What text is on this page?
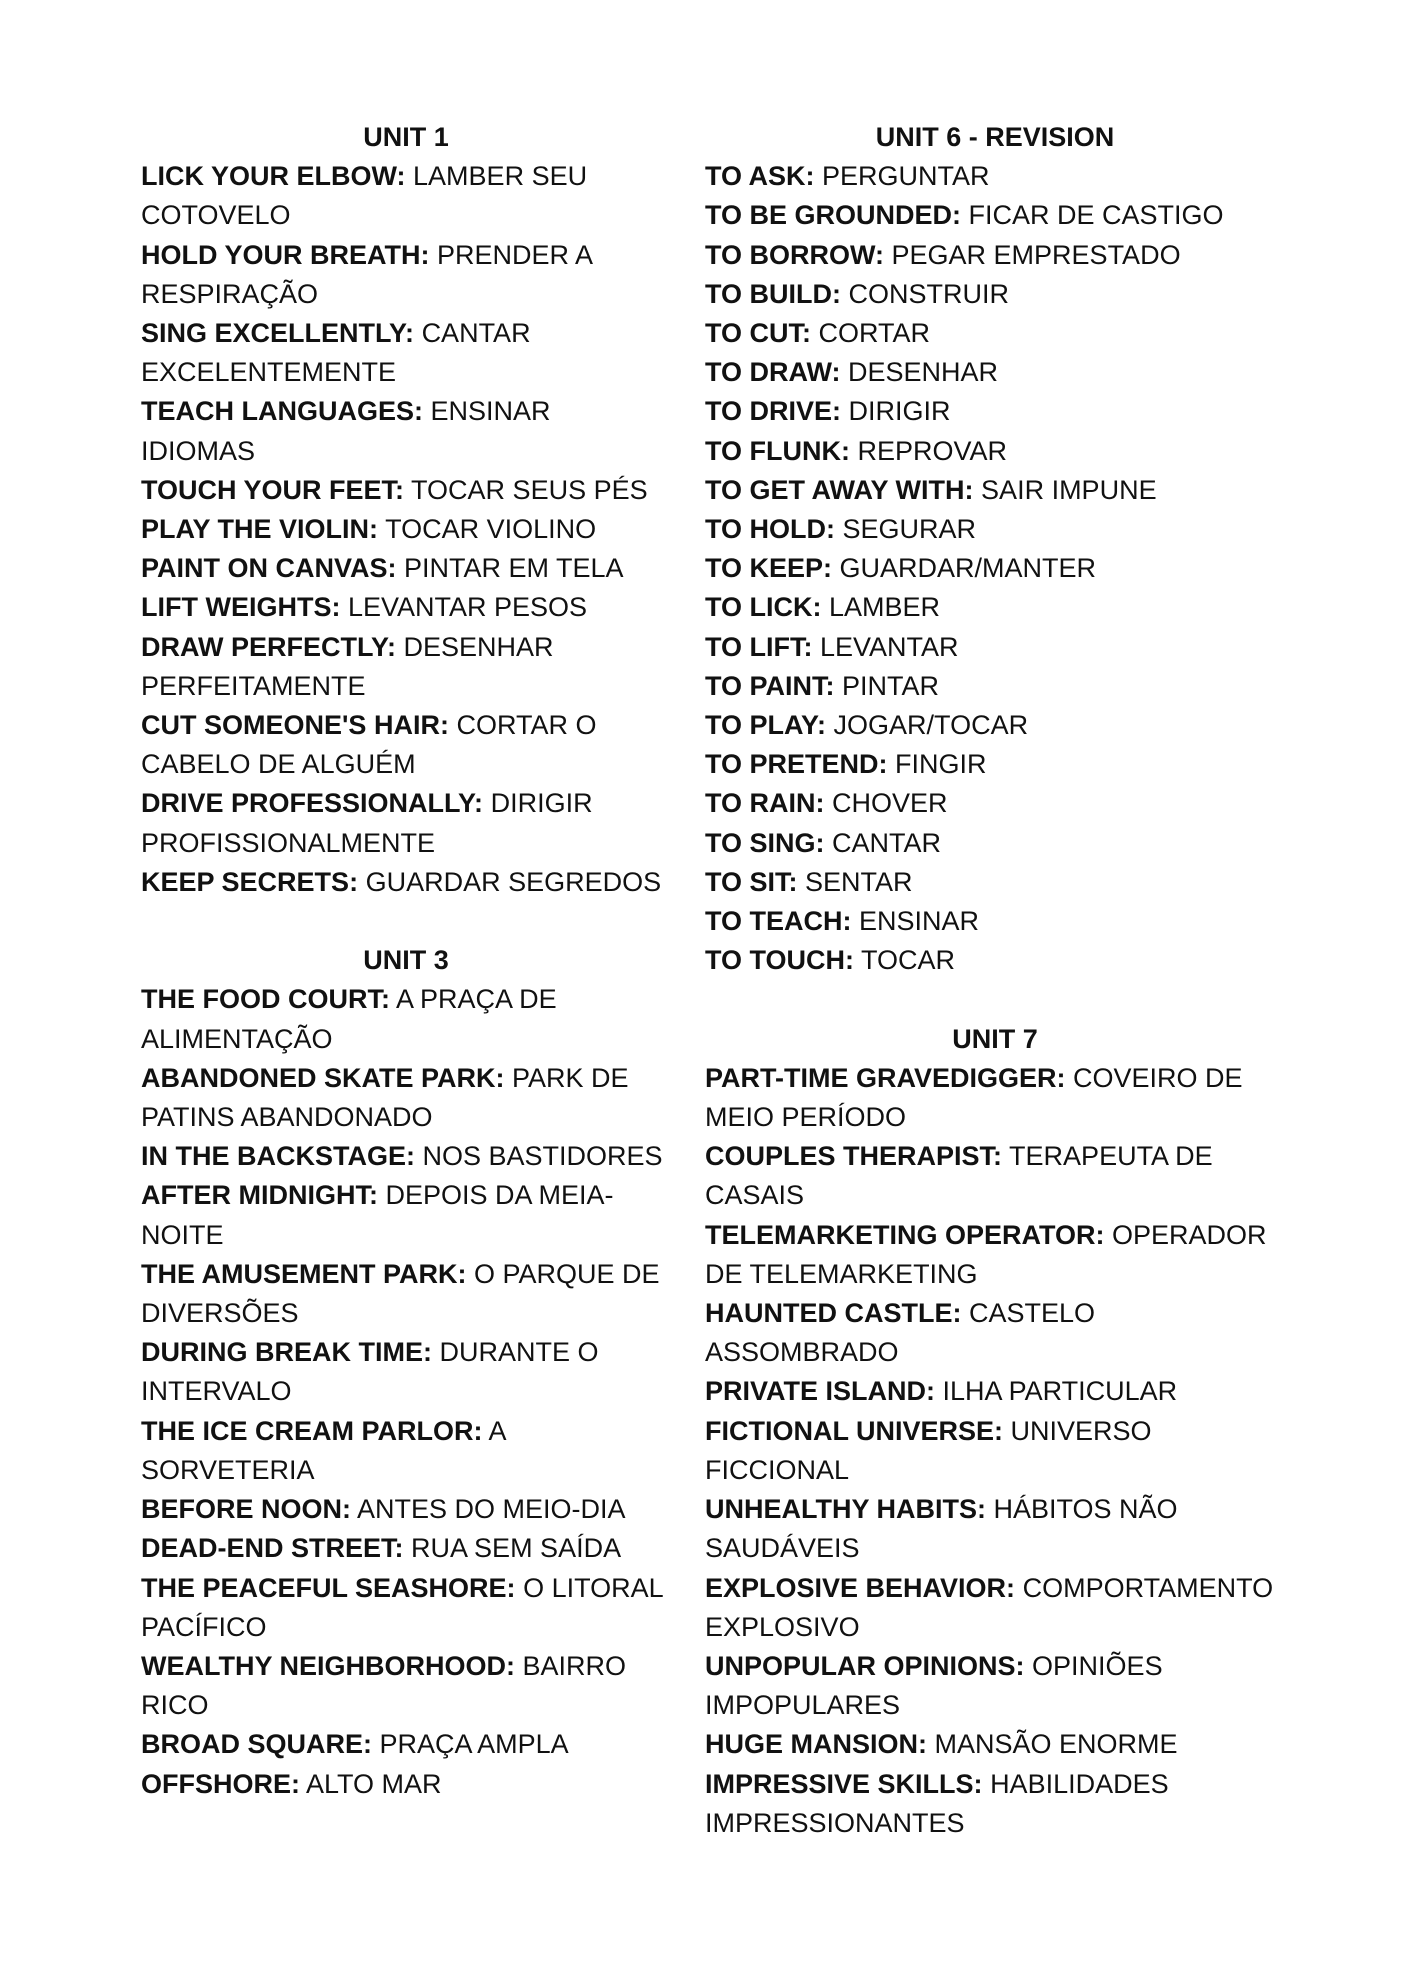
UNIT 1

LICK YOUR ELBOW: LAMBER SEU COTOVELO

HOLD YOUR BREATH: PRENDER A RESPIRAÇÃO

SING EXCELLENTLY: CANTAR EXCELENTEMENTE

TEACH LANGUAGES: ENSINAR IDIOMAS

TOUCH YOUR FEET: TOCAR SEUS PÉS

PLAY THE VIOLIN: TOCAR VIOLINO

PAINT ON CANVAS: PINTAR EM TELA

LIFT WEIGHTS: LEVANTAR PESOS

DRAW PERFECTLY: DESENHAR PERFEITAMENTE

CUT SOMEONE'S HAIR: CORTAR O CABELO DE ALGUÉM

DRIVE PROFESSIONALLY: DIRIGIR PROFISSIONALMENTE

KEEP SECRETS: GUARDAR SEGREDOS

UNIT 3

THE FOOD COURT: A PRAÇA DE ALIMENTAÇÃO

ABANDONED SKATE PARK: PARK DE PATINS ABANDONADO

IN THE BACKSTAGE: NOS BASTIDORES

AFTER MIDNIGHT: DEPOIS DA MEIA-NOITE

THE AMUSEMENT PARK: O PARQUE DE DIVERSÕES

DURING BREAK TIME: DURANTE O INTERVALO

THE ICE CREAM PARLOR: A SORVETERIA

BEFORE NOON: ANTES DO MEIO-DIA

DEAD-END STREET: RUA SEM SAÍDA

THE PEACEFUL SEASHORE: O LITORAL PACÍFICO

WEALTHY NEIGHBORHOOD: BAIRRO RICO

BROAD SQUARE: PRAÇA AMPLA

OFFSHORE: ALTO MAR

UNIT 6 - REVISION

TO ASK: PERGUNTAR

TO BE GROUNDED: FICAR DE CASTIGO

TO BORROW: PEGAR EMPRESTADO

TO BUILD: CONSTRUIR

TO CUT: CORTAR

TO DRAW: DESENHAR

TO DRIVE: DIRIGIR

TO FLUNK: REPROVAR

TO GET AWAY WITH: SAIR IMPUNE

TO HOLD: SEGURAR

TO KEEP: GUARDAR/MANTER

TO LICK: LAMBER

TO LIFT: LEVANTAR

TO PAINT: PINTAR

TO PLAY: JOGAR/TOCAR

TO PRETEND: FINGIR

TO RAIN: CHOVER

TO SING: CANTAR

TO SIT: SENTAR

TO TEACH: ENSINAR

TO TOUCH: TOCAR

UNIT 7

PART-TIME GRAVEDIGGER: COVEIRO DE MEIO PERÍODO

COUPLES THERAPIST: TERAPEUTA DE CASAIS

TELEMARKETING OPERATOR: OPERADOR DE TELEMARKETING

HAUNTED CASTLE: CASTELO ASSOMBRADO

PRIVATE ISLAND: ILHA PARTICULAR

FICTIONAL UNIVERSE: UNIVERSO FICCIONAL

UNHEALTHY HABITS: HÁBITOS NÃO SAUDÁVEIS

EXPLOSIVE BEHAVIOR: COMPORTAMENTO EXPLOSIVO

UNPOPULAR OPINIONS: OPINIÕES IMPOPULARES

HUGE MANSION: MANSÃO ENORME

IMPRESSIVE SKILLS: HABILIDADES IMPRESSIONANTES
